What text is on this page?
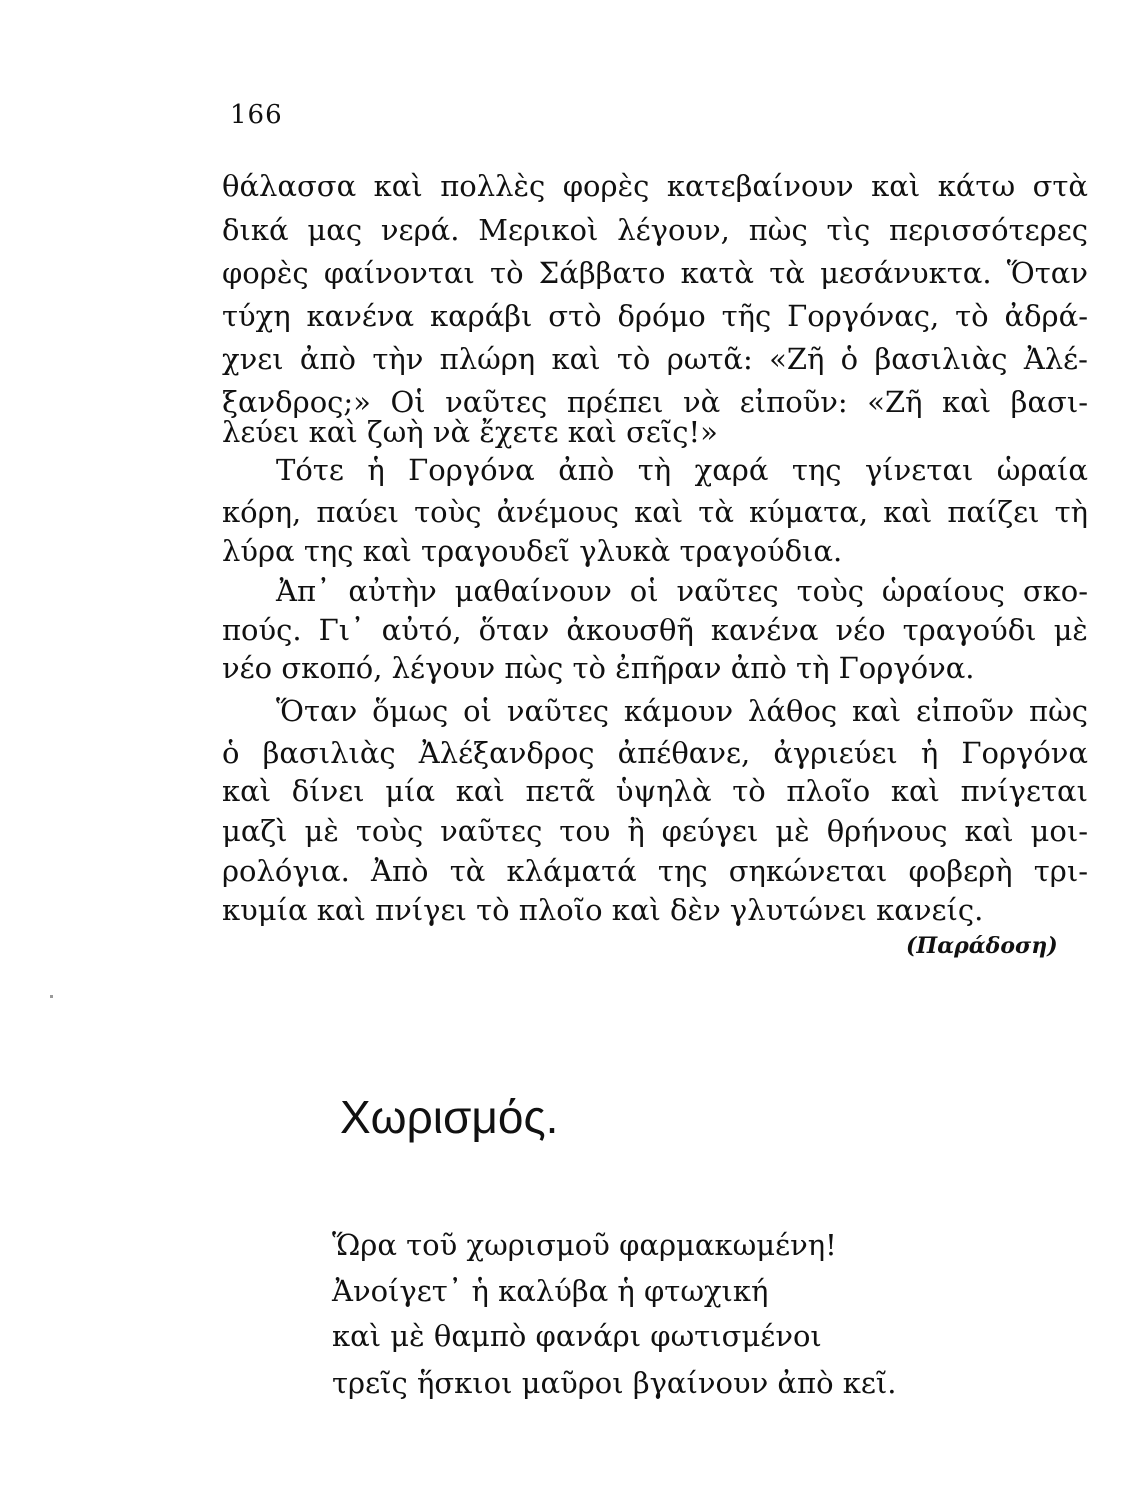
166
θάλασσα καὶ πολλὲς φορὲς κατεβαίνουν καὶ κάτω στὰ
δικά μας νερά. Μερικοὶ λέγουν, πὼς τὶς περισσότερες
φορὲς φαίνονται τὸ Σάββατο κατὰ τὰ μεσάνυκτα. Ὅταν
τύχη κανένα καράβι στὸ δρόμο τῆς Γοργόνας, τὸ ἀδρά-
χνει ἀπὸ τὴν πλώρη καὶ τὸ ρωτᾶ: «Ζῆ ὁ βασιλιὰς Ἀλέ-
ξανδρος;» Οἱ ναῦτες πρέπει νὰ εἰποῦν: «Ζῆ καὶ βασι-
λεύει καὶ ζωὴ νὰ ἔχετε καὶ σεῖς!»
Τότε ἡ Γοργόνα ἀπὸ τὴ χαρά της γίνεται ὡραία
κόρη, παύει τοὺς ἀνέμους καὶ τὰ κύματα, καὶ παίζει τὴ
λύρα της καὶ τραγουδεῖ γλυκὰ τραγούδια.
Ἀπ᾽ αὐτὴν μαθαίνουν οἱ ναῦτες τοὺς ὡραίους σκο-
πούς. Γι᾽ αὐτό, ὅταν ἀκουσθῆ κανένα νέο τραγούδι μὲ
νέο σκοπό, λέγουν πὼς τὸ ἐπῆραν ἀπὸ τὴ Γοργόνα.
Ὅταν ὅμως οἱ ναῦτες κάμουν λάθος καὶ εἰποῦν πὼς
ὁ βασιλιὰς Ἀλέξανδρος ἀπέθανε, ἀγριεύει ἡ Γοργόνα
καὶ δίνει μία καὶ πετᾶ ὑψηλὰ τὸ πλοῖο καὶ πνίγεται
μαζὶ μὲ τοὺς ναῦτες του ἢ φεύγει μὲ θρήνους καὶ μοι-
ρολόγια. Ἀπὸ τὰ κλάματά της σηκώνεται φοβερὴ τρι-
κυμία καὶ πνίγει τὸ πλοῖο καὶ δὲν γλυτώνει κανείς.
(Παράδοση)
Χωρισμός.
Ὥρα τοῦ χωρισμοῦ φαρμακωμένη!
Ἀνοίγετ᾽ ἡ καλύβα ἡ φτωχική
καὶ μὲ θαμπὸ φανάρι φωτισμένοι
τρεῖς ἥσκιοι μαῦροι βγαίνουν ἀπὸ κεῖ.
